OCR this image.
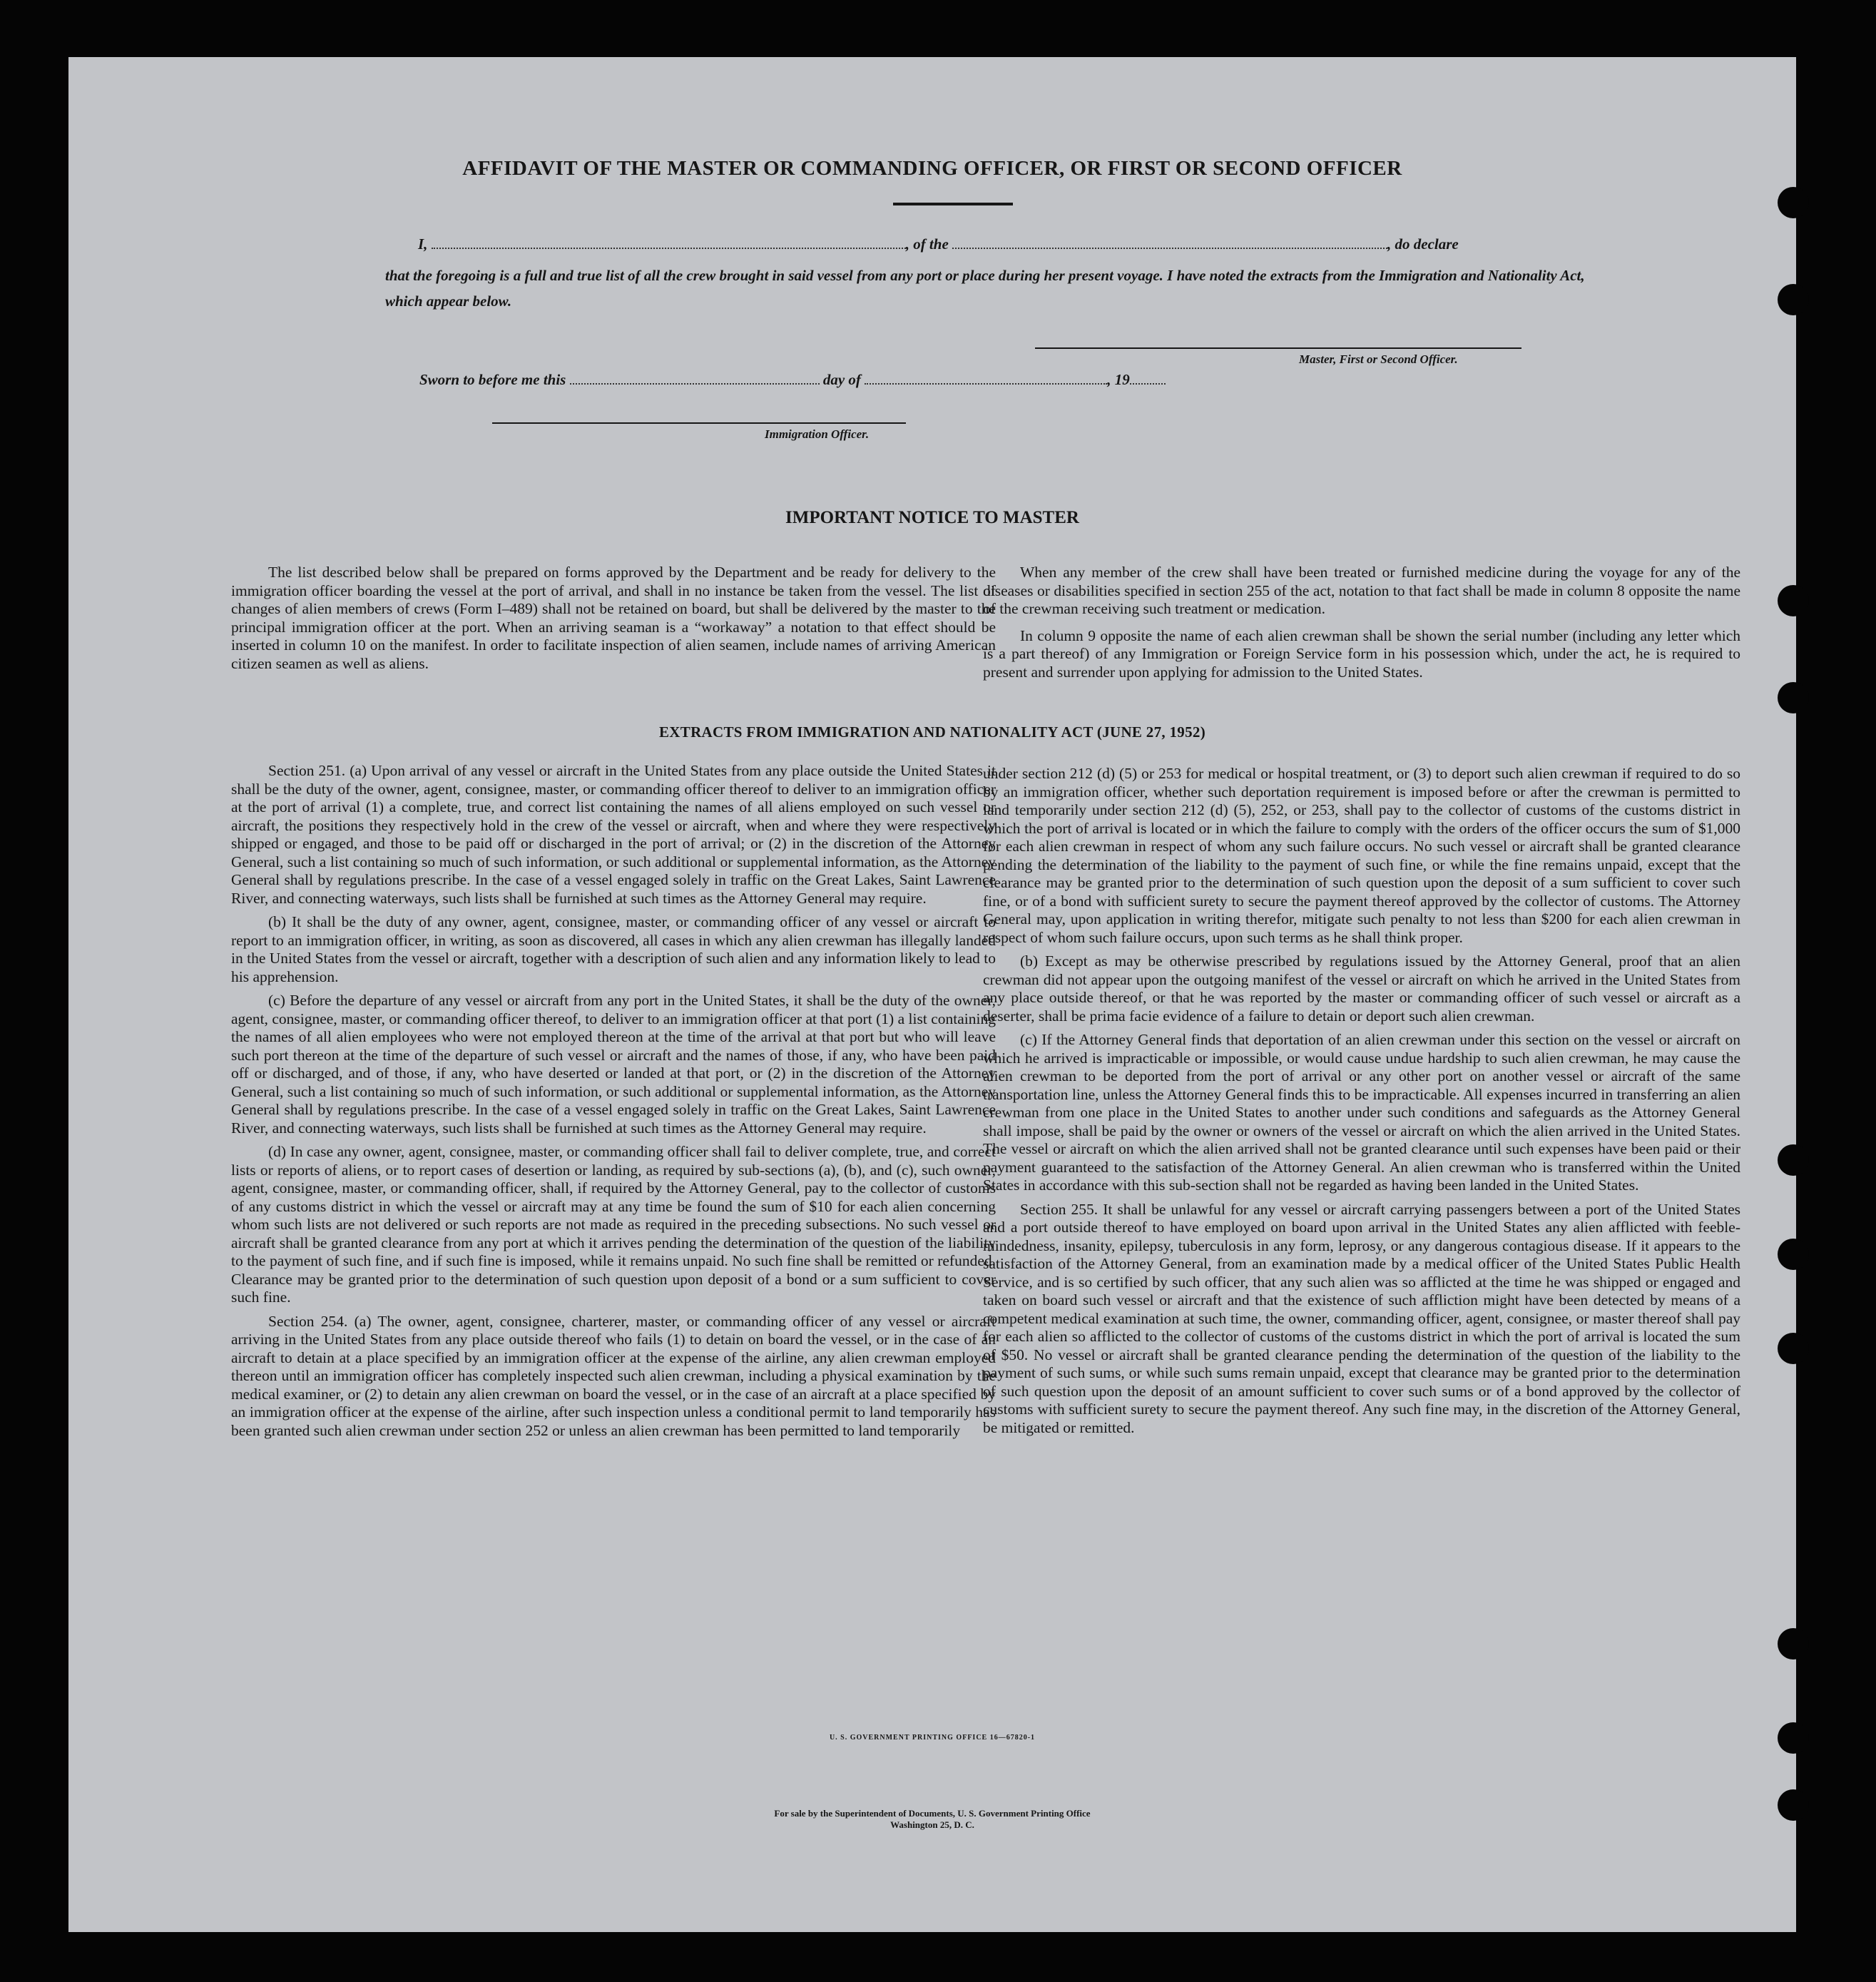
AFFIDAVIT OF THE MASTER OR COMMANDING OFFICER, OR FIRST OR SECOND OFFICER
I,	, of the	, do declare
that the foregoing is a full and true list of all the crew brought in said vessel from any port or place during her present voyage. I have noted the extracts from the Immigration and Nationality Act, which appear below.
Master, First or Second Officer.
Sworn to before me this	day of	, 19
Immigration Officer.
IMPORTANT NOTICE TO MASTER

The list described below shall be prepared on forms approved by the Department and be ready for delivery to the immigration officer boarding the vessel at the port of arrival, and shall in no instance be taken from the vessel. The list of changes of alien members of crews (Form I–489) shall not be retained on board, but shall be delivered by the master to the principal immigration officer at the port. When an arriving seaman is a “workaway” a notation to that effect should be inserted in column 10 on the manifest. In order to facilitate inspection of alien seamen, include names of arriving American citizen seamen as well as aliens.

When any member of the crew shall have been treated or furnished medicine during the voyage for any of the diseases or disabilities specified in section 255 of the act, notation to that fact shall be made in column 8 opposite the name of the crewman receiving such treatment or medication.

In column 9 opposite the name of each alien crewman shall be shown the serial number (including any letter which is a part thereof) of any Immigration or Foreign Service form in his possession which, under the act, he is required to present and surrender upon applying for admission to the United States.

EXTRACTS FROM IMMIGRATION AND NATIONALITY ACT (JUNE 27, 1952)

Section 251. (a) Upon arrival of any vessel or aircraft in the United States from any place outside the United States it shall be the duty of the owner, agent, consignee, master, or commanding officer thereof to deliver to an immigration officer at the port of arrival (1) a complete, true, and correct list containing the names of all aliens employed on such vessel or aircraft, the positions they respectively hold in the crew of the vessel or aircraft, when and where they were respectively shipped or engaged, and those to be paid off or discharged in the port of arrival; or (2) in the discretion of the Attorney General, such a list containing so much of such information, or such additional or supplemental information, as the Attorney General shall by regulations prescribe. In the case of a vessel engaged solely in traffic on the Great Lakes, Saint Lawrence River, and connecting waterways, such lists shall be furnished at such times as the Attorney General may require.

(b) It shall be the duty of any owner, agent, consignee, master, or commanding officer of any vessel or aircraft to report to an immigration officer, in writing, as soon as discovered, all cases in which any alien crewman has illegally landed in the United States from the vessel or aircraft, together with a description of such alien and any information likely to lead to his apprehension.

(c) Before the departure of any vessel or aircraft from any port in the United States, it shall be the duty of the owner, agent, consignee, master, or commanding officer thereof, to deliver to an immigration officer at that port (1) a list containing the names of all alien employees who were not employed thereon at the time of the arrival at that port but who will leave such port thereon at the time of the departure of such vessel or aircraft and the names of those, if any, who have been paid off or discharged, and of those, if any, who have deserted or landed at that port, or (2) in the discretion of the Attorney General, such a list containing so much of such information, or such additional or supplemental information, as the Attorney General shall by regulations prescribe. In the case of a vessel engaged solely in traffic on the Great Lakes, Saint Lawrence River, and connecting waterways, such lists shall be furnished at such times as the Attorney General may require.

(d) In case any owner, agent, consignee, master, or commanding officer shall fail to deliver complete, true, and correct lists or reports of aliens, or to report cases of desertion or landing, as required by sub-sections (a), (b), and (c), such owner, agent, consignee, master, or commanding officer, shall, if required by the Attorney General, pay to the collector of customs of any customs district in which the vessel or aircraft may at any time be found the sum of $10 for each alien concerning whom such lists are not delivered or such reports are not made as required in the preceding subsections. No such vessel or aircraft shall be granted clearance from any port at which it arrives pending the determination of the question of the liability to the payment of such fine, and if such fine is imposed, while it remains unpaid. No such fine shall be remitted or refunded. Clearance may be granted prior to the determination of such question upon deposit of a bond or a sum sufficient to cover such fine.

Section 254. (a) The owner, agent, consignee, charterer, master, or commanding officer of any vessel or aircraft arriving in the United States from any place outside thereof who fails (1) to detain on board the vessel, or in the case of an aircraft to detain at a place specified by an immigration officer at the expense of the airline, any alien crewman employed thereon until an immigration officer has completely inspected such alien crewman, including a physical examination by the medical examiner, or (2) to detain any alien crewman on board the vessel, or in the case of an aircraft at a place specified by an immigration officer at the expense of the airline, after such inspection unless a conditional permit to land temporarily has been granted such alien crewman under section 252 or unless an alien crewman has been permitted to land temporarily

under section 212 (d) (5) or 253 for medical or hospital treatment, or (3) to deport such alien crewman if required to do so by an immigration officer, whether such deportation requirement is imposed before or after the crewman is permitted to land temporarily under section 212 (d) (5), 252, or 253, shall pay to the collector of customs of the customs district in which the port of arrival is located or in which the failure to comply with the orders of the officer occurs the sum of $1,000 for each alien crewman in respect of whom any such failure occurs. No such vessel or aircraft shall be granted clearance pending the determination of the liability to the payment of such fine, or while the fine remains unpaid, except that the clearance may be granted prior to the determination of such question upon the deposit of a sum sufficient to cover such fine, or of a bond with sufficient surety to secure the payment thereof approved by the collector of customs. The Attorney General may, upon application in writing therefor, mitigate such penalty to not less than $200 for each alien crewman in respect of whom such failure occurs, upon such terms as he shall think proper.

(b) Except as may be otherwise prescribed by regulations issued by the Attorney General, proof that an alien crewman did not appear upon the outgoing manifest of the vessel or aircraft on which he arrived in the United States from any place outside thereof, or that he was reported by the master or commanding officer of such vessel or aircraft as a deserter, shall be prima facie evidence of a failure to detain or deport such alien crewman.

(c) If the Attorney General finds that deportation of an alien crewman under this section on the vessel or aircraft on which he arrived is impracticable or impossible, or would cause undue hardship to such alien crewman, he may cause the alien crewman to be deported from the port of arrival or any other port on another vessel or aircraft of the same transportation line, unless the Attorney General finds this to be impracticable. All expenses incurred in transferring an alien crewman from one place in the United States to another under such conditions and safeguards as the Attorney General shall impose, shall be paid by the owner or owners of the vessel or aircraft on which the alien arrived in the United States. The vessel or aircraft on which the alien arrived shall not be granted clearance until such expenses have been paid or their payment guaranteed to the satisfaction of the Attorney General. An alien crewman who is transferred within the United States in accordance with this sub-section shall not be regarded as having been landed in the United States.

Section 255. It shall be unlawful for any vessel or aircraft carrying passengers between a port of the United States and a port outside thereof to have employed on board upon arrival in the United States any alien afflicted with feeble-mindedness, insanity, epilepsy, tuberculosis in any form, leprosy, or any dangerous contagious disease. If it appears to the satisfaction of the Attorney General, from an examination made by a medical officer of the United States Public Health Service, and is so certified by such officer, that any such alien was so afflicted at the time he was shipped or engaged and taken on board such vessel or aircraft and that the existence of such affliction might have been detected by means of a competent medical examination at such time, the owner, commanding officer, agent, consignee, or master thereof shall pay for each alien so afflicted to the collector of customs of the customs district in which the port of arrival is located the sum of $50. No vessel or aircraft shall be granted clearance pending the determination of the question of the liability to the payment of such sums, or while such sums remain unpaid, except that clearance may be granted prior to the determination of such question upon the deposit of an amount sufficient to cover such sums or of a bond approved by the collector of customs with sufficient surety to secure the payment thereof. Any such fine may, in the discretion of the Attorney General, be mitigated or remitted.

U. S. GOVERNMENT PRINTING OFFICE 16—67820-1
For sale by the Superintendent of Documents, U. S. Government Printing Office
Washington 25, D. C.
